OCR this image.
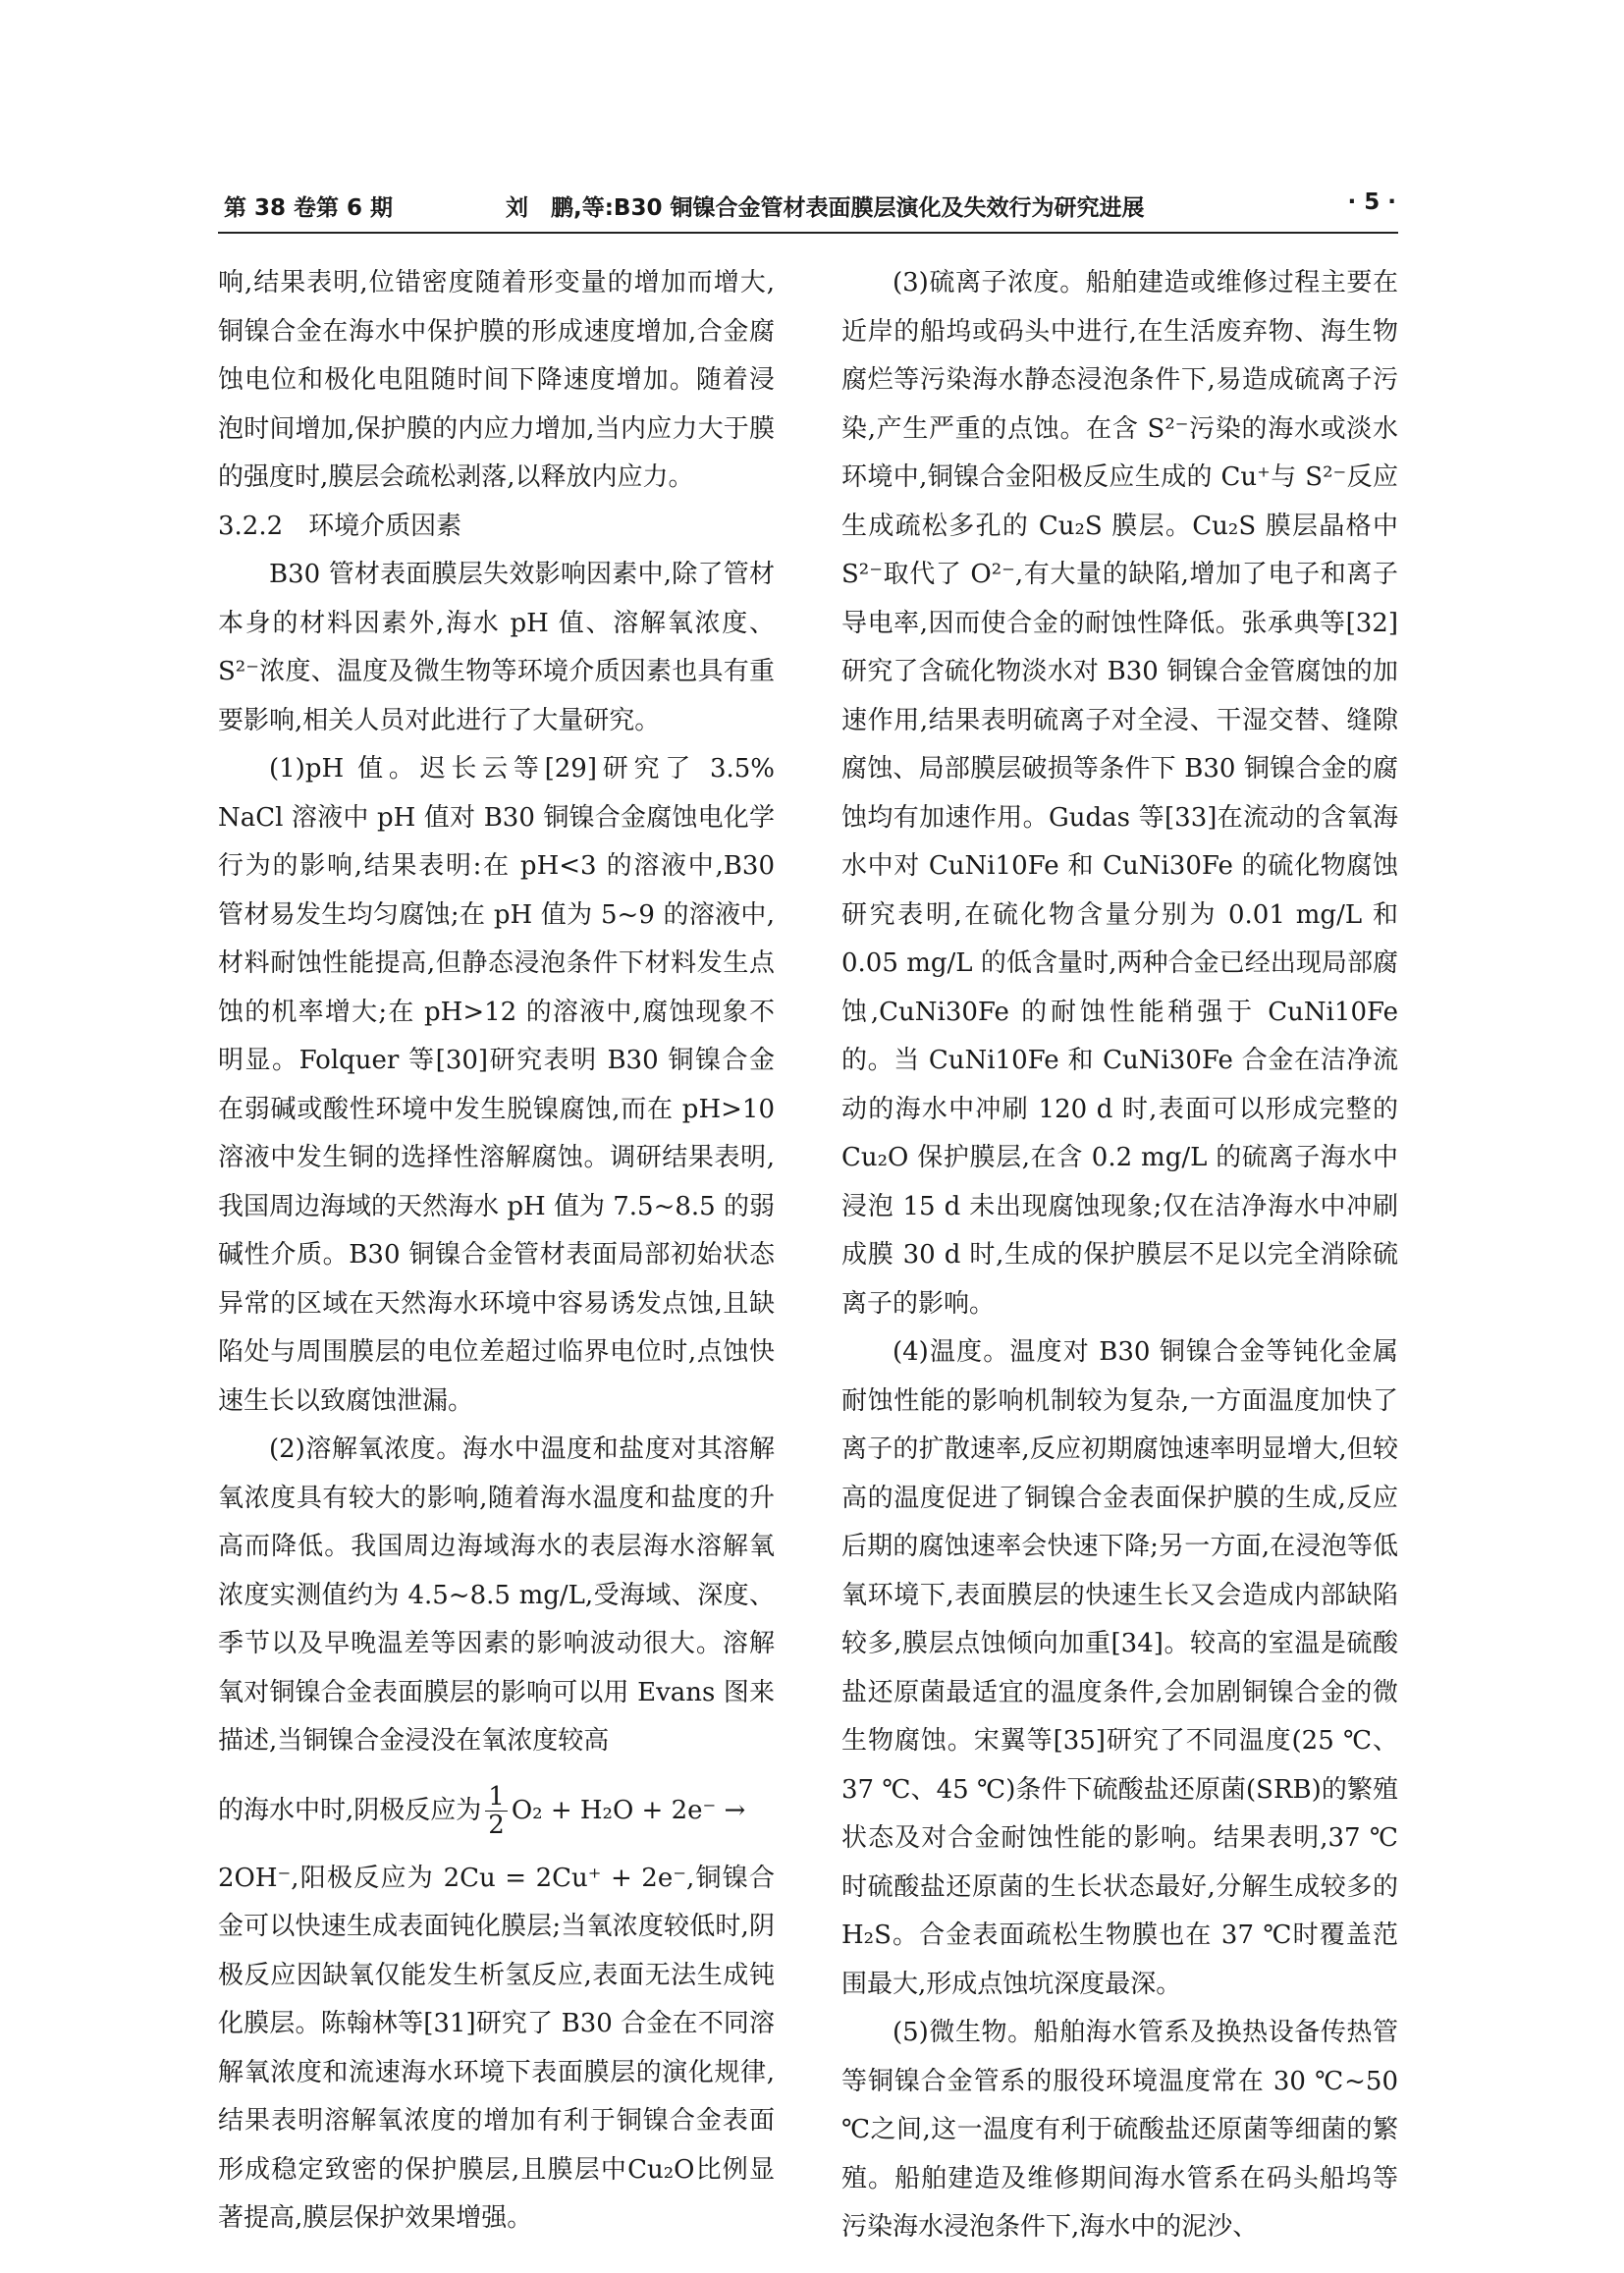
第 38 卷第 6 期	刘　鹏,等:B30 铜镍合金管材表面膜层演化及失效行为研究进展	· 5 ·

响,结果表明,位错密度随着形变量的增加而增大,铜镍合金在海水中保护膜的形成速度增加,合金腐蚀电位和极化电阻随时间下降速度增加。随着浸泡时间增加,保护膜的内应力增加,当内应力大于膜的强度时,膜层会疏松剥落,以释放内应力。

3.2.2　环境介质因素

B30 管材表面膜层失效影响因素中,除了管材本身的材料因素外,海水 pH 值、溶解氧浓度、S²⁻浓度、温度及微生物等环境介质因素也具有重要影响,相关人员对此进行了大量研究。

(1)pH 值。迟长云等[29]研究了 3.5% NaCl 溶液中 pH 值对 B30 铜镍合金腐蚀电化学行为的影响,结果表明:在 pH<3 的溶液中,B30 管材易发生均匀腐蚀;在 pH 值为 5~9 的溶液中,材料耐蚀性能提高,但静态浸泡条件下材料发生点蚀的机率增大;在 pH>12 的溶液中,腐蚀现象不明显。Folquer 等[30]研究表明 B30 铜镍合金在弱碱或酸性环境中发生脱镍腐蚀,而在 pH>10 溶液中发生铜的选择性溶解腐蚀。调研结果表明,我国周边海域的天然海水 pH 值为 7.5~8.5 的弱碱性介质。B30 铜镍合金管材表面局部初始状态异常的区域在天然海水环境中容易诱发点蚀,且缺陷处与周围膜层的电位差超过临界电位时,点蚀快速生长以致腐蚀泄漏。

(2)溶解氧浓度。海水中温度和盐度对其溶解氧浓度具有较大的影响,随着海水温度和盐度的升高而降低。我国周边海域海水的表层海水溶解氧浓度实测值约为 4.5~8.5 mg/L,受海域、深度、季节以及早晚温差等因素的影响波动很大。溶解氧对铜镍合金表面膜层的影响可以用 Evans 图来描述,当铜镍合金浸没在氧浓度较高

的海水中时,阴极反应为 $\frac{1}{2} O_2 + H_2O + 2e^-$ →

2OH⁻,阳极反应为 2Cu = 2Cu⁺ + 2e⁻,铜镍合金可以快速生成表面钝化膜层;当氧浓度较低时,阴极反应因缺氧仅能发生析氢反应,表面无法生成钝化膜层。陈翰林等[31]研究了 B30 合金在不同溶解氧浓度和流速海水环境下表面膜层的演化规律,结果表明溶解氧浓度的增加有利于铜镍合金表面形成稳定致密的保护膜层,且膜层中Cu₂O比例显著提高,膜层保护效果增强。

(3)硫离子浓度。船舶建造或维修过程主要在近岸的船坞或码头中进行,在生活废弃物、海生物腐烂等污染海水静态浸泡条件下,易造成硫离子污染,产生严重的点蚀。在含 S²⁻污染的海水或淡水环境中,铜镍合金阳极反应生成的 Cu⁺与 S²⁻反应生成疏松多孔的 Cu₂S 膜层。Cu₂S 膜层晶格中 S²⁻取代了 O²⁻,有大量的缺陷,增加了电子和离子导电率,因而使合金的耐蚀性降低。张承典等[32]研究了含硫化物淡水对 B30 铜镍合金管腐蚀的加速作用,结果表明硫离子对全浸、干湿交替、缝隙腐蚀、局部膜层破损等条件下 B30 铜镍合金的腐蚀均有加速作用。Gudas 等[33]在流动的含氧海水中对 CuNi10Fe 和 CuNi30Fe 的硫化物腐蚀研究表明,在硫化物含量分别为 0.01 mg/L 和 0.05 mg/L 的低含量时,两种合金已经出现局部腐蚀,CuNi30Fe 的耐蚀性能稍强于 CuNi10Fe 的。当 CuNi10Fe 和 CuNi30Fe 合金在洁净流动的海水中冲刷 120 d 时,表面可以形成完整的 Cu₂O 保护膜层,在含 0.2 mg/L 的硫离子海水中浸泡 15 d 未出现腐蚀现象;仅在洁净海水中冲刷成膜 30 d 时,生成的保护膜层不足以完全消除硫离子的影响。

(4)温度。温度对 B30 铜镍合金等钝化金属耐蚀性能的影响机制较为复杂,一方面温度加快了离子的扩散速率,反应初期腐蚀速率明显增大,但较高的温度促进了铜镍合金表面保护膜的生成,反应后期的腐蚀速率会快速下降;另一方面,在浸泡等低氧环境下,表面膜层的快速生长又会造成内部缺陷较多,膜层点蚀倾向加重[34]。较高的室温是硫酸盐还原菌最适宜的温度条件,会加剧铜镍合金的微生物腐蚀。宋翼等[35]研究了不同温度(25 ℃、37 ℃、45 ℃)条件下硫酸盐还原菌(SRB)的繁殖状态及对合金耐蚀性能的影响。结果表明,37 ℃时硫酸盐还原菌的生长状态最好,分解生成较多的 H₂S。合金表面疏松生物膜也在 37 ℃时覆盖范围最大,形成点蚀坑深度最深。

(5)微生物。船舶海水管系及换热设备传热管等铜镍合金管系的服役环境温度常在 30 ℃~50 ℃之间,这一温度有利于硫酸盐还原菌等细菌的繁殖。船舶建造及维修期间海水管系在码头船坞等污染海水浸泡条件下,海水中的泥沙、
